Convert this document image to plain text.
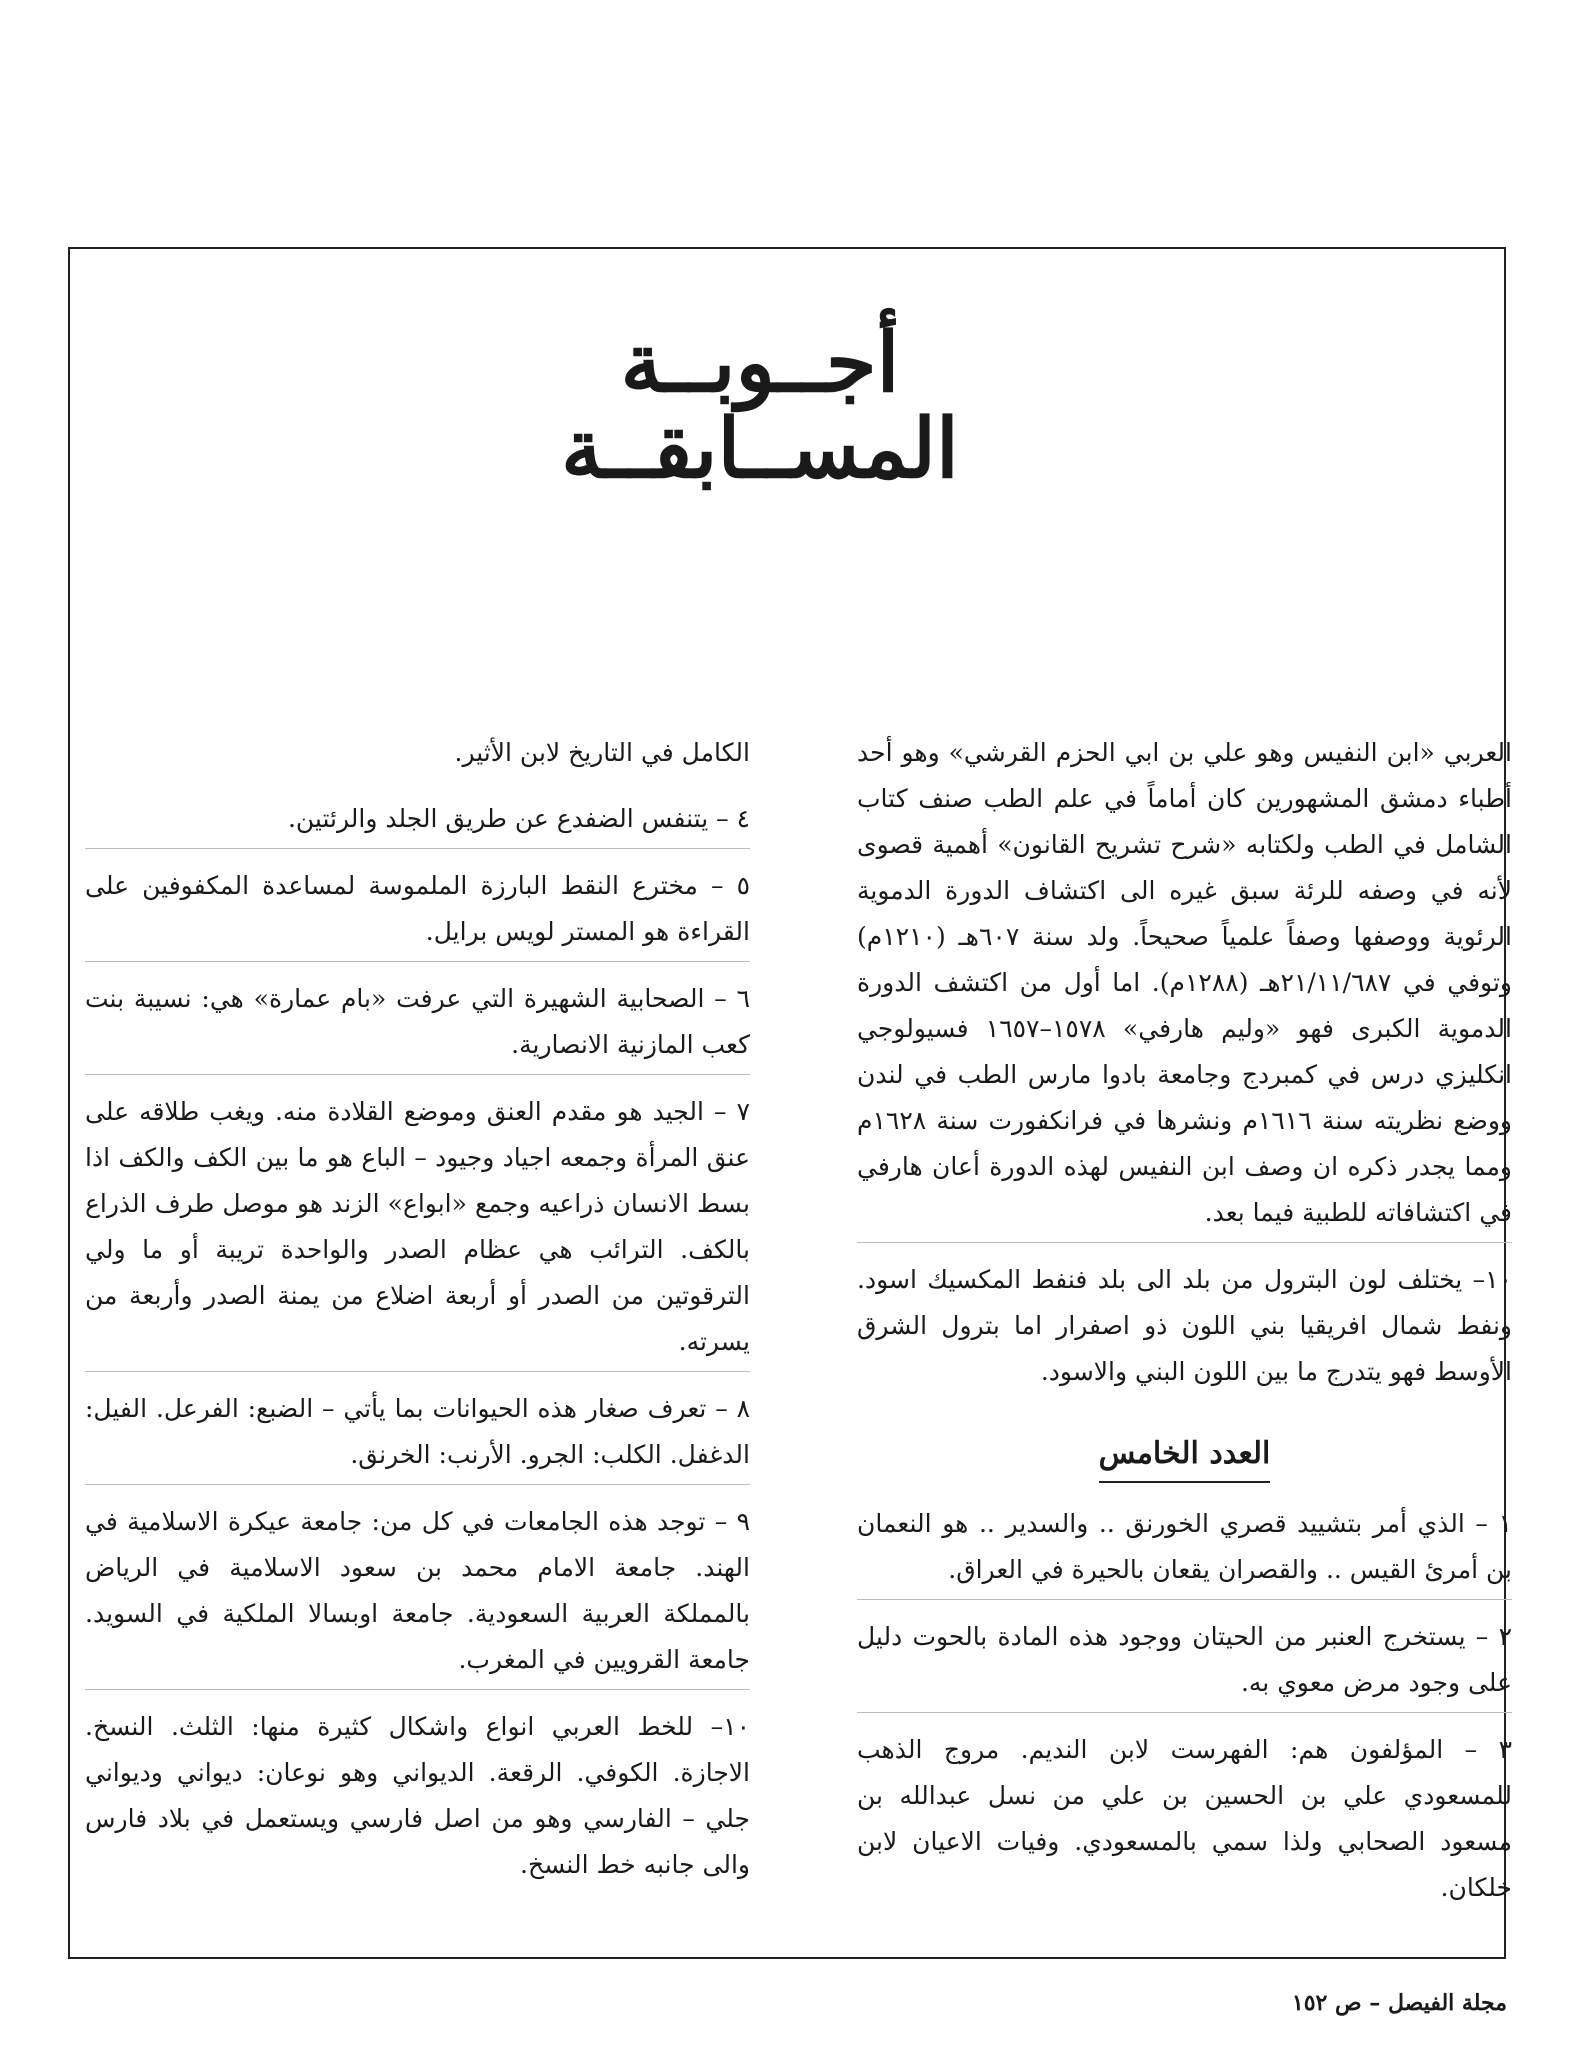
أجــوبــة
المســابقــة

العربي «ابن النفيس وهو علي بن ابي الحزم القرشي» وهو أحد أطباء دمشق المشهورين كان أماماً في علم الطب صنف كتاب الشامل في الطب ولكتابه «شرح تشريح القانون» أهمية قصوى لأنه في وصفه للرئة سبق غيره الى اكتشاف الدورة الدموية الرئوية ووصفها وصفاً علمياً صحيحاً. ولد سنة ٦٠٧هـ (١٢١٠م) وتوفي في ٢١/١١/٦٨٧هـ (١٢٨٨م). اما أول من اكتشف الدورة الدموية الكبرى فهو «وليم هارفي» ١٥٧٨–١٦٥٧ فسيولوجي انكليزي درس في كمبردج وجامعة بادوا مارس الطب في لندن ووضع نظريته سنة ١٦١٦م ونشرها في فرانكفورت سنة ١٦٢٨م ومما يجدر ذكره ان وصف ابن النفيس لهذه الدورة أعان هارفي في اكتشافاته للطبية فيما بعد.

١٠– يختلف لون البترول من بلد الى بلد فنفط المكسيك اسود. ونفط شمال افريقيا بني اللون ذو اصفرار اما بترول الشرق الأوسط فهو يتدرج ما بين اللون البني والاسود.

العدد الخامس

١ – الذي أمر بتشييد قصري الخورنق .. والسدير .. هو النعمان بن أمرئ القيس .. والقصران يقعان بالحيرة في العراق.

٢ – يستخرج العنبر من الحيتان ووجود هذه المادة بالحوت دليل على وجود مرض معوي به.

٣ – المؤلفون هم: الفهرست لابن النديم. مروج الذهب للمسعودي علي بن الحسين بن علي من نسل عبدالله بن مسعود الصحابي ولذا سمي بالمسعودي. وفيات الاعيان لابن خلكان.

الكامل في التاريخ لابن الأثير.

٤ – يتنفس الضفدع عن طريق الجلد والرئتين.

٥ – مخترع النقط البارزة الملموسة لمساعدة المكفوفين على القراءة هو المستر لويس برايل.

٦ – الصحابية الشهيرة التي عرفت «بام عمارة» هي: نسيبة بنت كعب المازنية الانصارية.

٧ – الجيد هو مقدم العنق وموضع القلادة منه. ويغب طلاقه على عنق المرأة وجمعه اجياد وجيود – الباع هو ما بين الكف والكف اذا بسط الانسان ذراعيه وجمع «ابواع» الزند هو موصل طرف الذراع بالكف. الترائب هي عظام الصدر والواحدة تريبة أو ما ولي الترقوتين من الصدر أو أربعة اضلاع من يمنة الصدر وأربعة من يسرته.

٨ – تعرف صغار هذه الحيوانات بما يأتي – الضبع: الفرعل. الفيل: الدغفل. الكلب: الجرو. الأرنب: الخرنق.

٩ – توجد هذه الجامعات في كل من: جامعة عيكرة الاسلامية في الهند. جامعة الامام محمد بن سعود الاسلامية في الرياض بالمملكة العربية السعودية. جامعة اوبسالا الملكية في السويد. جامعة القرويين في المغرب.

١٠– للخط العربي انواع واشكال كثيرة منها: الثلث. النسخ. الاجازة. الكوفي. الرقعة. الديواني وهو نوعان: ديواني وديواني جلي – الفارسي وهو من اصل فارسي ويستعمل في بلاد فارس والى جانبه خط النسخ.

مجلة الفيصل – ص ١٥٢
